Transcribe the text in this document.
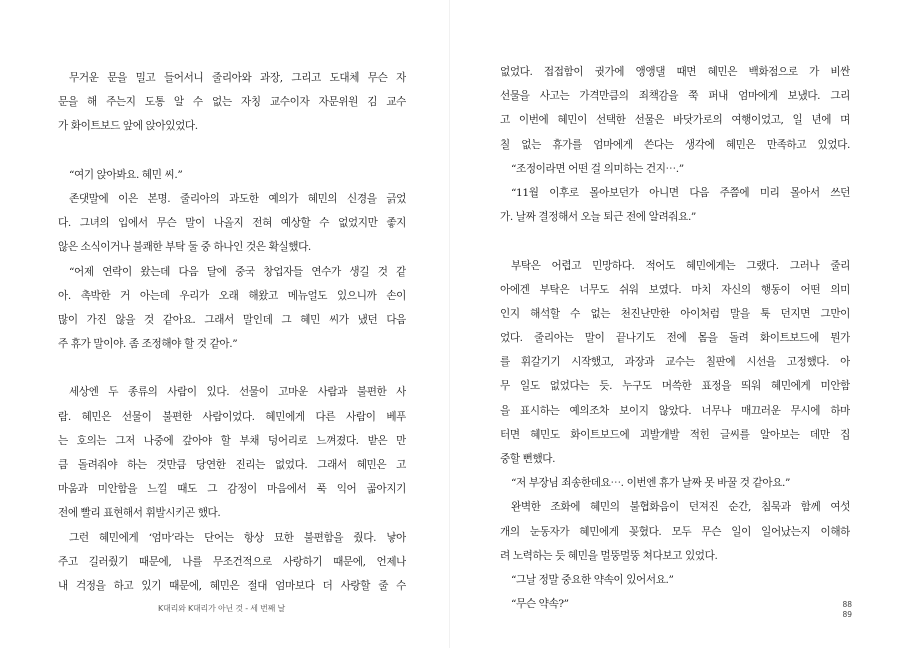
무거운 문을 밀고 들어서니 줄리아와 과장, 그리고 도대체 무슨 자
문을 해 주는지 도통 알 수 없는 자칭 교수이자 자문위원 김 교수
가 화이트보드 앞에 앉아있었다.
“여기 앉아봐요. 혜민 씨.”
존댓말에 이은 본명. 줄리아의 과도한 예의가 혜민의 신경을 긁었
다. 그녀의 입에서 무슨 말이 나올지 전혀 예상할 수 없었지만 좋지
않은 소식이거나 불쾌한 부탁 둘 중 하나인 것은 확실했다.
“어제 연락이 왔는데 다음 달에 중국 창업자들 연수가 생길 것 같
아. 촉박한 거 아는데 우리가 오래 해왔고 메뉴얼도 있으니까 손이
많이 가진 않을 것 같아요. 그래서 말인데 그 혜민 씨가 냈던 다음
주 휴가 말이야. 좀 조정해야 할 것 같아.”
세상엔 두 종류의 사람이 있다. 선물이 고마운 사람과 불편한 사
람. 혜민은 선물이 불편한 사람이었다. 혜민에게 다른 사람이 베푸
는 호의는 그저 나중에 갚아야 할 부채 덩어리로 느껴졌다. 받은 만
큼 돌려줘야 하는 것만큼 당연한 진리는 없었다. 그래서 혜민은 고
마움과 미안함을 느낄 때도 그 감정이 마음에서 푹 익어 곪아지기
전에 빨리 표현해서 휘발시키곤 했다.
그런 혜민에게 ‘엄마’라는 단어는 항상 묘한 불편함을 줬다. 낳아
주고 길러줬기 때문에, 나를 무조건적으로 사랑하기 때문에, 언제나
내 걱정을 하고 있기 때문에, 혜민은 절대 엄마보다 더 사랑할 줄 수
K대리와 K대리가 아닌 것 - 세 번째 날
없었다. 접접함이 귓가에 앵앵댈 때면 혜민은 백화점으로 가 비싼
선물을 사고는 가격만큼의 죄책감을 쭉 퍼내 엄마에게 보냈다. 그리
고 이번에 혜민이 선택한 선물은 바닷가로의 여행이었고, 일 년에 며
칠 없는 휴가를 엄마에게 쓴다는 생각에 혜민은 만족하고 있었다.
“조정이라면 어떤 걸 의미하는 건지⋯.”
“11월 이후로 몰아보던가 아니면 다음 주쯤에 미리 몰아서 쓰던
가. 날짜 결정해서 오늘 퇴근 전에 알려줘요.”
부탁은 어렵고 민망하다. 적어도 혜민에게는 그랬다. 그러나 줄리
아에겐 부탁은 너무도 쉬워 보였다. 마치 자신의 행동이 어떤 의미
인지 해석할 수 없는 천진난만한 아이처럼 말을 툭 던지면 그만이
었다. 줄리아는 말이 끝나기도 전에 몸을 돌려 화이트보드에 뭔가
를 휘갈기기 시작했고, 과장과 교수는 칠판에 시선을 고정했다. 아
무 일도 없었다는 듯. 누구도 머쓱한 표정을 띄워 혜민에게 미안함
을 표시하는 예의조차 보이지 않았다. 너무나 매끄러운 무시에 하마
터면 혜민도 화이트보드에 괴발개발 적힌 글씨를 알아보는 데만 집
중할 뻔했다.
“저 부장님 죄송한데요⋯. 이번엔 휴가 날짜 못 바꿀 것 같아요.”
완벽한 조화에 혜민의 불협화음이 던져진 순간, 침묵과 함께 여섯
개의 눈동자가 혜민에게 꽂혔다. 모두 무슨 일이 일어났는지 이해하
려 노력하는 듯 혜민을 멀뚱멀뚱 쳐다보고 있었다.
“그날 정말 중요한 약속이 있어서요.”
“무슨 약속?”	88
89
